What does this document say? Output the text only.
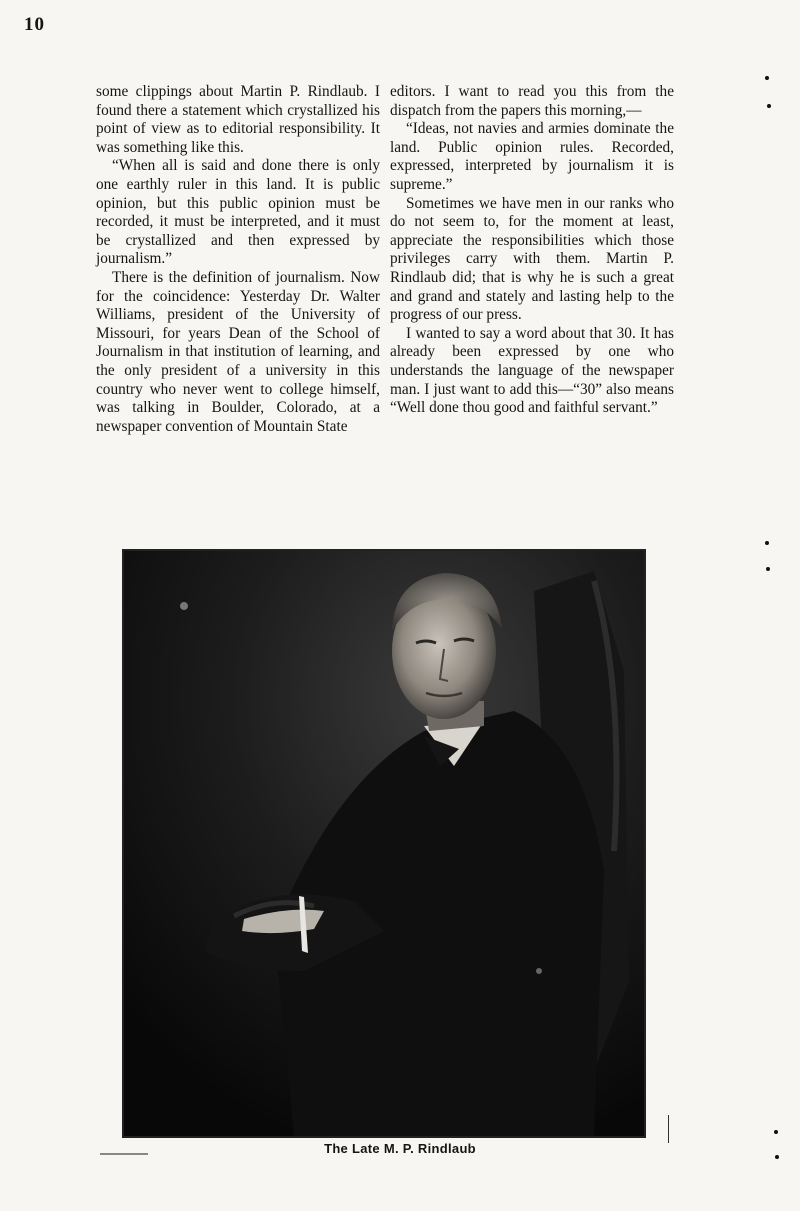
10

some clippings about Martin P. Rindlaub. I found there a statement which crystallized his point of view as to editorial responsibility. It was something like this.

“When all is said and done there is only one earthly ruler in this land. It is public opinion, but this public opinion must be recorded, it must be interpreted, and it must be crystallized and then expressed by journalism.”

There is the definition of journalism. Now for the coincidence: Yesterday Dr. Walter Williams, president of the University of Missouri, for years Dean of the School of Journalism in that institution of learning, and the only president of a university in this country who never went to college himself, was talking in Boulder, Colorado, at a newspaper convention of Mountain State

editors. I want to read you this from the dispatch from the papers this morning,—

“Ideas, not navies and armies dominate the land. Public opinion rules. Recorded, expressed, interpreted by journalism it is supreme.”

Sometimes we have men in our ranks who do not seem to, for the moment at least, appreciate the responsibilities which those privileges carry with them. Martin P. Rindlaub did; that is why he is such a great and grand and stately and lasting help to the progress of our press.

I wanted to say a word about that 30. It has already been expressed by one who understands the language of the newspaper man. I just want to add this—“30” also means “Well done thou good and faithful servant.”

The Late M. P. Rindlaub
